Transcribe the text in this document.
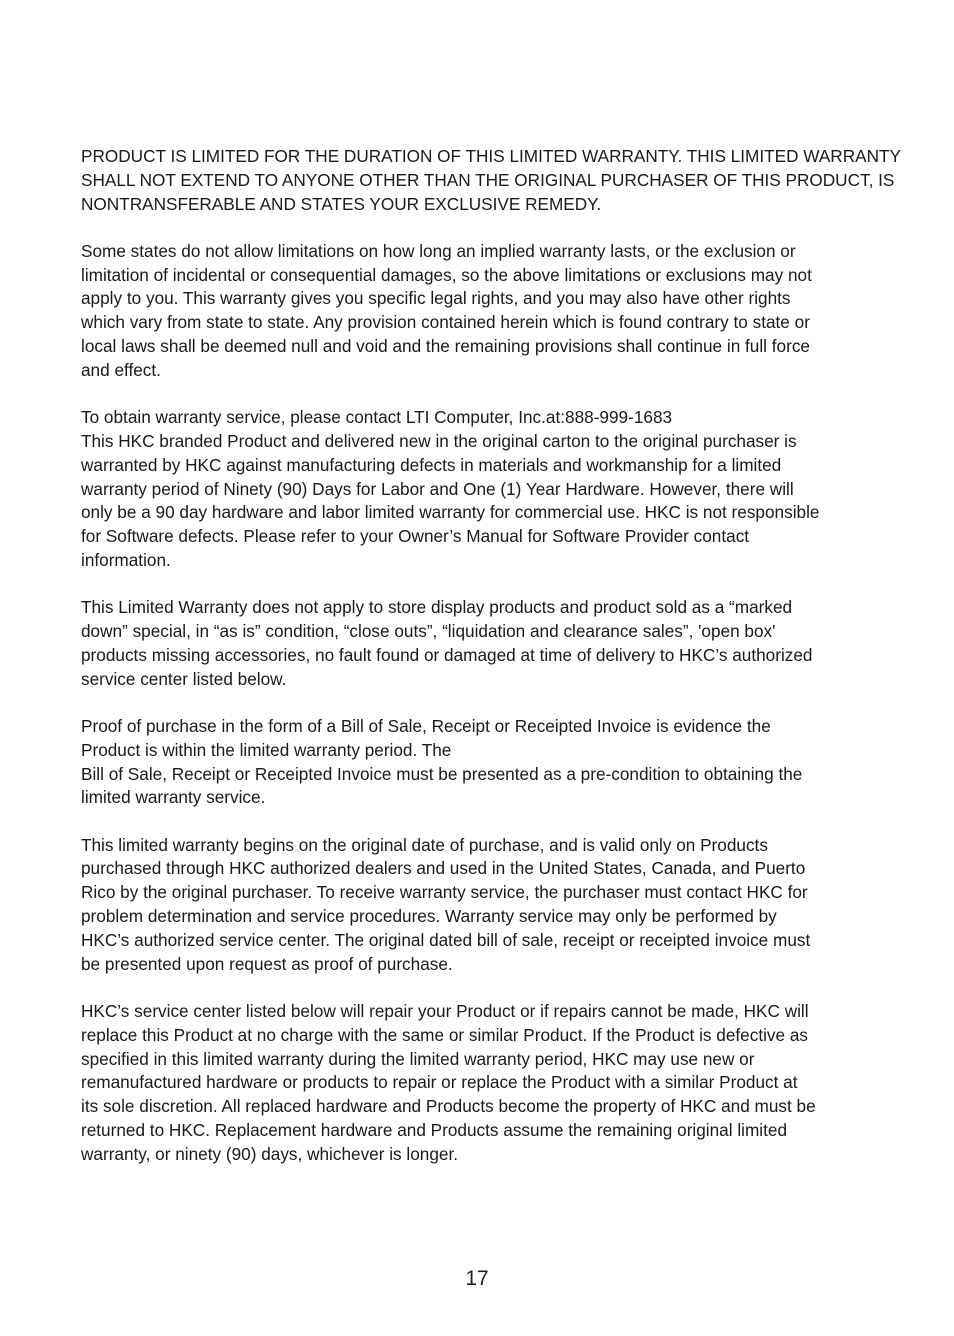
PRODUCT IS LIMITED FOR THE DURATION OF THIS LIMITED WARRANTY. THIS LIMITED WARRANTY
SHALL NOT EXTEND TO ANYONE OTHER THAN THE ORIGINAL PURCHASER OF THIS PRODUCT, IS
NONTRANSFERABLE AND STATES YOUR EXCLUSIVE REMEDY.

Some states do not allow limitations on how long an implied warranty lasts, or the exclusion or
limitation of incidental or consequential damages, so the above limitations or exclusions may not
apply to you. This warranty gives you specific legal rights, and you may also have other rights
which vary from state to state. Any provision contained herein which is found contrary to state or
local laws shall be deemed null and void and the remaining provisions shall continue in full force
and effect.

To obtain warranty service, please contact LTI Computer, Inc.at:888-999-1683
This HKC branded Product and delivered new in the original carton to the original purchaser is
warranted by HKC against manufacturing defects in materials and workmanship for a limited
warranty period of Ninety (90) Days for Labor and One (1) Year Hardware. However, there will
only be a 90 day hardware and labor limited warranty for commercial use. HKC is not responsible
for Software defects. Please refer to your Owner’s Manual for Software Provider contact
information.

This Limited Warranty does not apply to store display products and product sold as a “marked
down” special, in “as is” condition, “close outs”, “liquidation and clearance sales”, 'open box'
products missing accessories, no fault found or damaged at time of delivery to HKC’s authorized
service center listed below.

Proof of purchase in the form of a Bill of Sale, Receipt or Receipted Invoice is evidence the
Product is within the limited warranty period. The
Bill of Sale, Receipt or Receipted Invoice must be presented as a pre-condition to obtaining the
limited warranty service.

This limited warranty begins on the original date of purchase, and is valid only on Products
purchased through HKC authorized dealers and used in the United States, Canada, and Puerto
Rico by the original purchaser. To receive warranty service, the purchaser must contact HKC for
problem determination and service procedures. Warranty service may only be performed by
HKC’s authorized service center. The original dated bill of sale, receipt or receipted invoice must
be presented upon request as proof of purchase.

HKC’s service center listed below will repair your Product or if repairs cannot be made, HKC will
replace this Product at no charge with the same or similar Product. If the Product is defective as
specified in this limited warranty during the limited warranty period, HKC may use new or
remanufactured hardware or products to repair or replace the Product with a similar Product at
its sole discretion. All replaced hardware and Products become the property of HKC and must be
returned to HKC. Replacement hardware and Products assume the remaining original limited
warranty, or ninety (90) days, whichever is longer.

17
